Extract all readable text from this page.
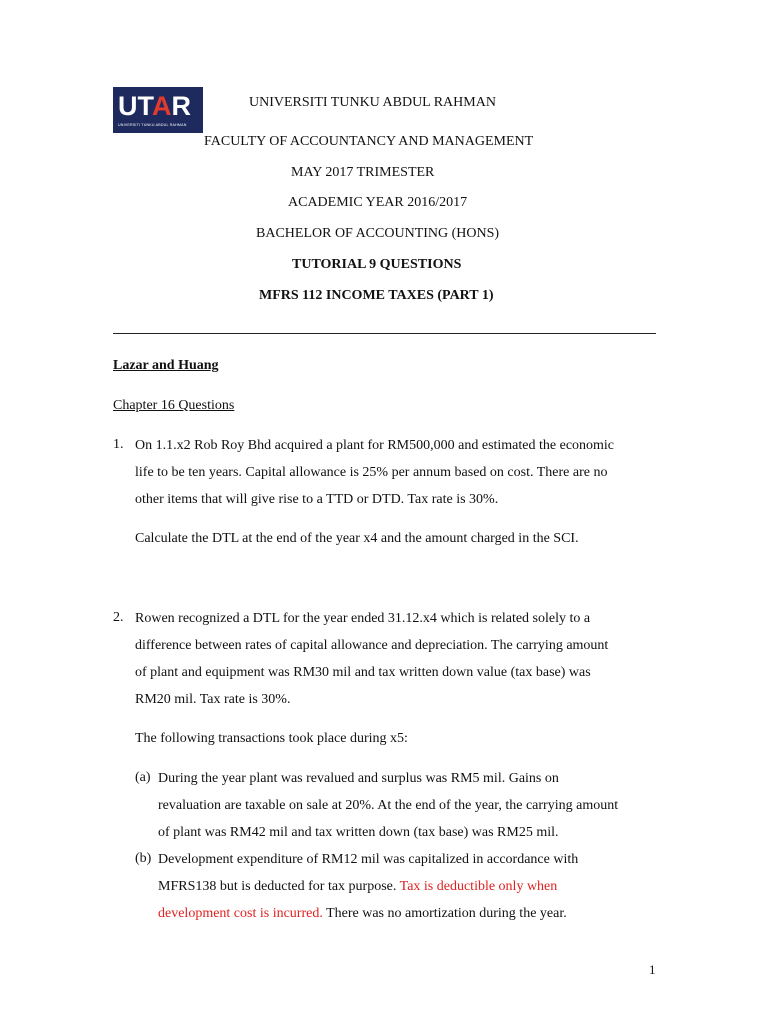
UTAR
UNIVERSITI TUNKU ABDUL RAHMAN
UNIVERSITI TUNKU ABDUL RAHMAN
FACULTY OF ACCOUNTANCY AND MANAGEMENT
MAY 2017 TRIMESTER
ACADEMIC YEAR 2016/2017
BACHELOR OF ACCOUNTING (HONS)
TUTORIAL 9 QUESTIONS
MFRS 112 INCOME TAXES (PART 1)
Lazar and Huang
Chapter 16 Questions
1. On 1.1.x2 Rob Roy Bhd acquired a plant for RM500,000 and estimated the economic
life to be ten years. Capital allowance is 25% per annum based on cost. There are no
other items that will give rise to a TTD or DTD. Tax rate is 30%.
Calculate the DTL at the end of the year x4 and the amount charged in the SCI.
2. Rowen recognized a DTL for the year ended 31.12.x4 which is related solely to a
difference between rates of capital allowance and depreciation. The carrying amount
of plant and equipment was RM30 mil and tax written down value (tax base) was
RM20 mil. Tax rate is 30%.
The following transactions took place during x5:
(a) During the year plant was revalued and surplus was RM5 mil. Gains on
revaluation are taxable on sale at 20%. At the end of the year, the carrying amount
of plant was RM42 mil and tax written down (tax base) was RM25 mil.
(b) Development expenditure of RM12 mil was capitalized in accordance with
MFRS138 but is deducted for tax purpose. Tax is deductible only when
development cost is incurred. There was no amortization during the year.
1
